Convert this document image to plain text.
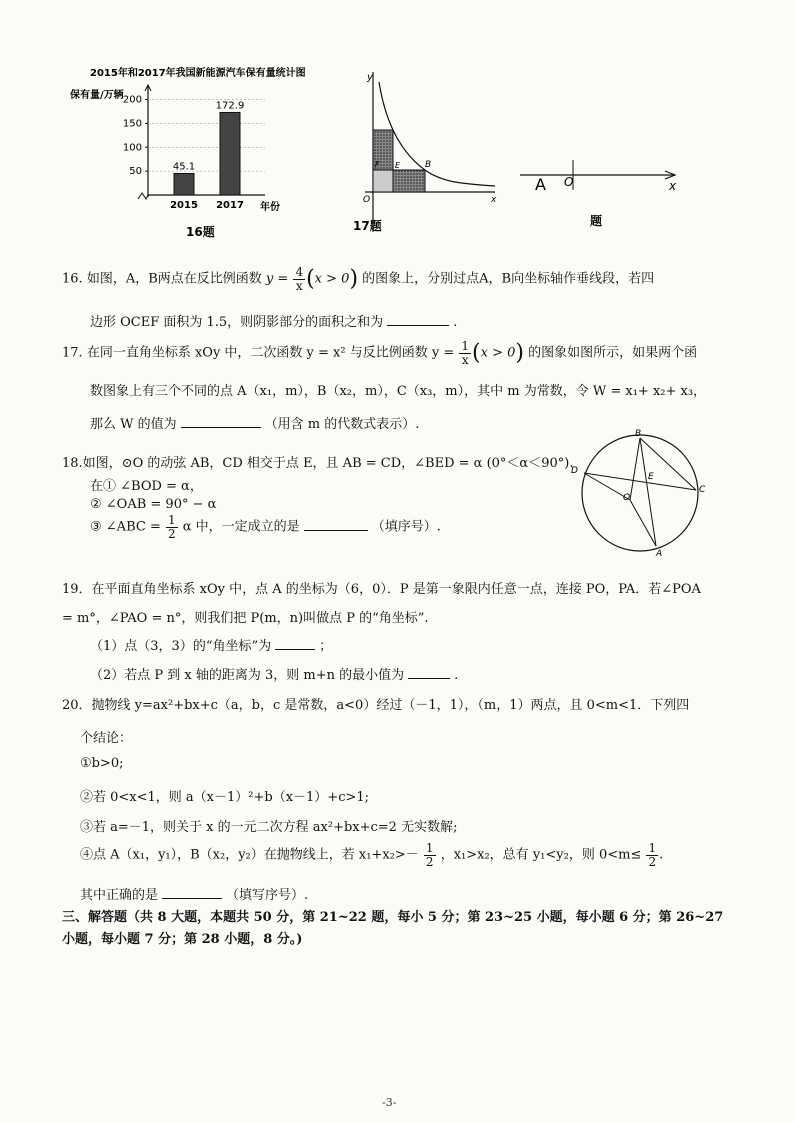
2015年和2017年我国新能源汽车保有量统计图
保有量/万辆
50
100
150
200
45.1
2015
172.9
2017 年份
16题
y
x
O
B
E
F
17题
A O	x
题
16. 如图，A，B两点在反比例函数 $y = \frac{4}{x} (x > 0)$ 的图象上，分别过点A，B向坐标轴作垂线段，若四
边形 OCEF 面积为 1.5，则阴影部分的面积之和为	.
17. 在同一直角坐标系 xOy 中，二次函数 y = x² 与反比例函数 $y = \frac{1}{x} (x > 0)$ 的图象如图所示，如果两个函
数图象上有三个不同的点 A（x₁，m），B（x₂，m），C（x₃，m），其中 m 为常数，令 W = x₁+ x₂+ x₃，
那么 W 的值为	（用含 m 的代数式表示）.
18.如图，⊙O 的动弦 AB，CD 相交于点 E，且 AB = CD，∠BED = α (0°＜α＜90°).
在① ∠BOD = α，
② ∠OAB = 90° − α
③ ∠ABC = $\frac{1}{2}$ α 中，一定成立的是	（填序号）.
B
D
E
C
O
A
19．在平面直角坐标系 xOy 中，点 A 的坐标为（6，0）．P 是第一象限内任意一点，连接 PO，PA．若∠POA
= m°，∠PAO = n°，则我们把 P(m，n)叫做点 P 的“角坐标”.
（1）点（3，3）的“角坐标”为	；
（2）若点 P 到 x 轴的距离为 3，则 m+n 的最小值为	.
20．抛物线 y=ax²+bx+c（a，b，c 是常数，a<0）经过（－1，1），（m，1）两点，且 0<m<1．下列四
个结论：
①b>0;
②若 0<x<1，则 a（x－1）²+b（x－1）+c>1;
③若 a=－1，则关于 x 的一元二次方程 ax²+bx+c=2 无实数解;
④点 A（x₁，y₁），B（x₂，y₂）在抛物线上，若 $x_1+x_2>- \frac{1}{2}$ ，x₁>x₂，总有 y₁<y₂，则 $0<m\le \frac{1}{2}$ .
其中正确的是	（填写序号）.
三、解答题（共 8 大题，本题共 50 分，第 21~22 题，每小 5 分；第 23~25 小题，每小题 6 分；第 26~27
小题，每小题 7 分；第 28 小题，8 分。)
-3-
